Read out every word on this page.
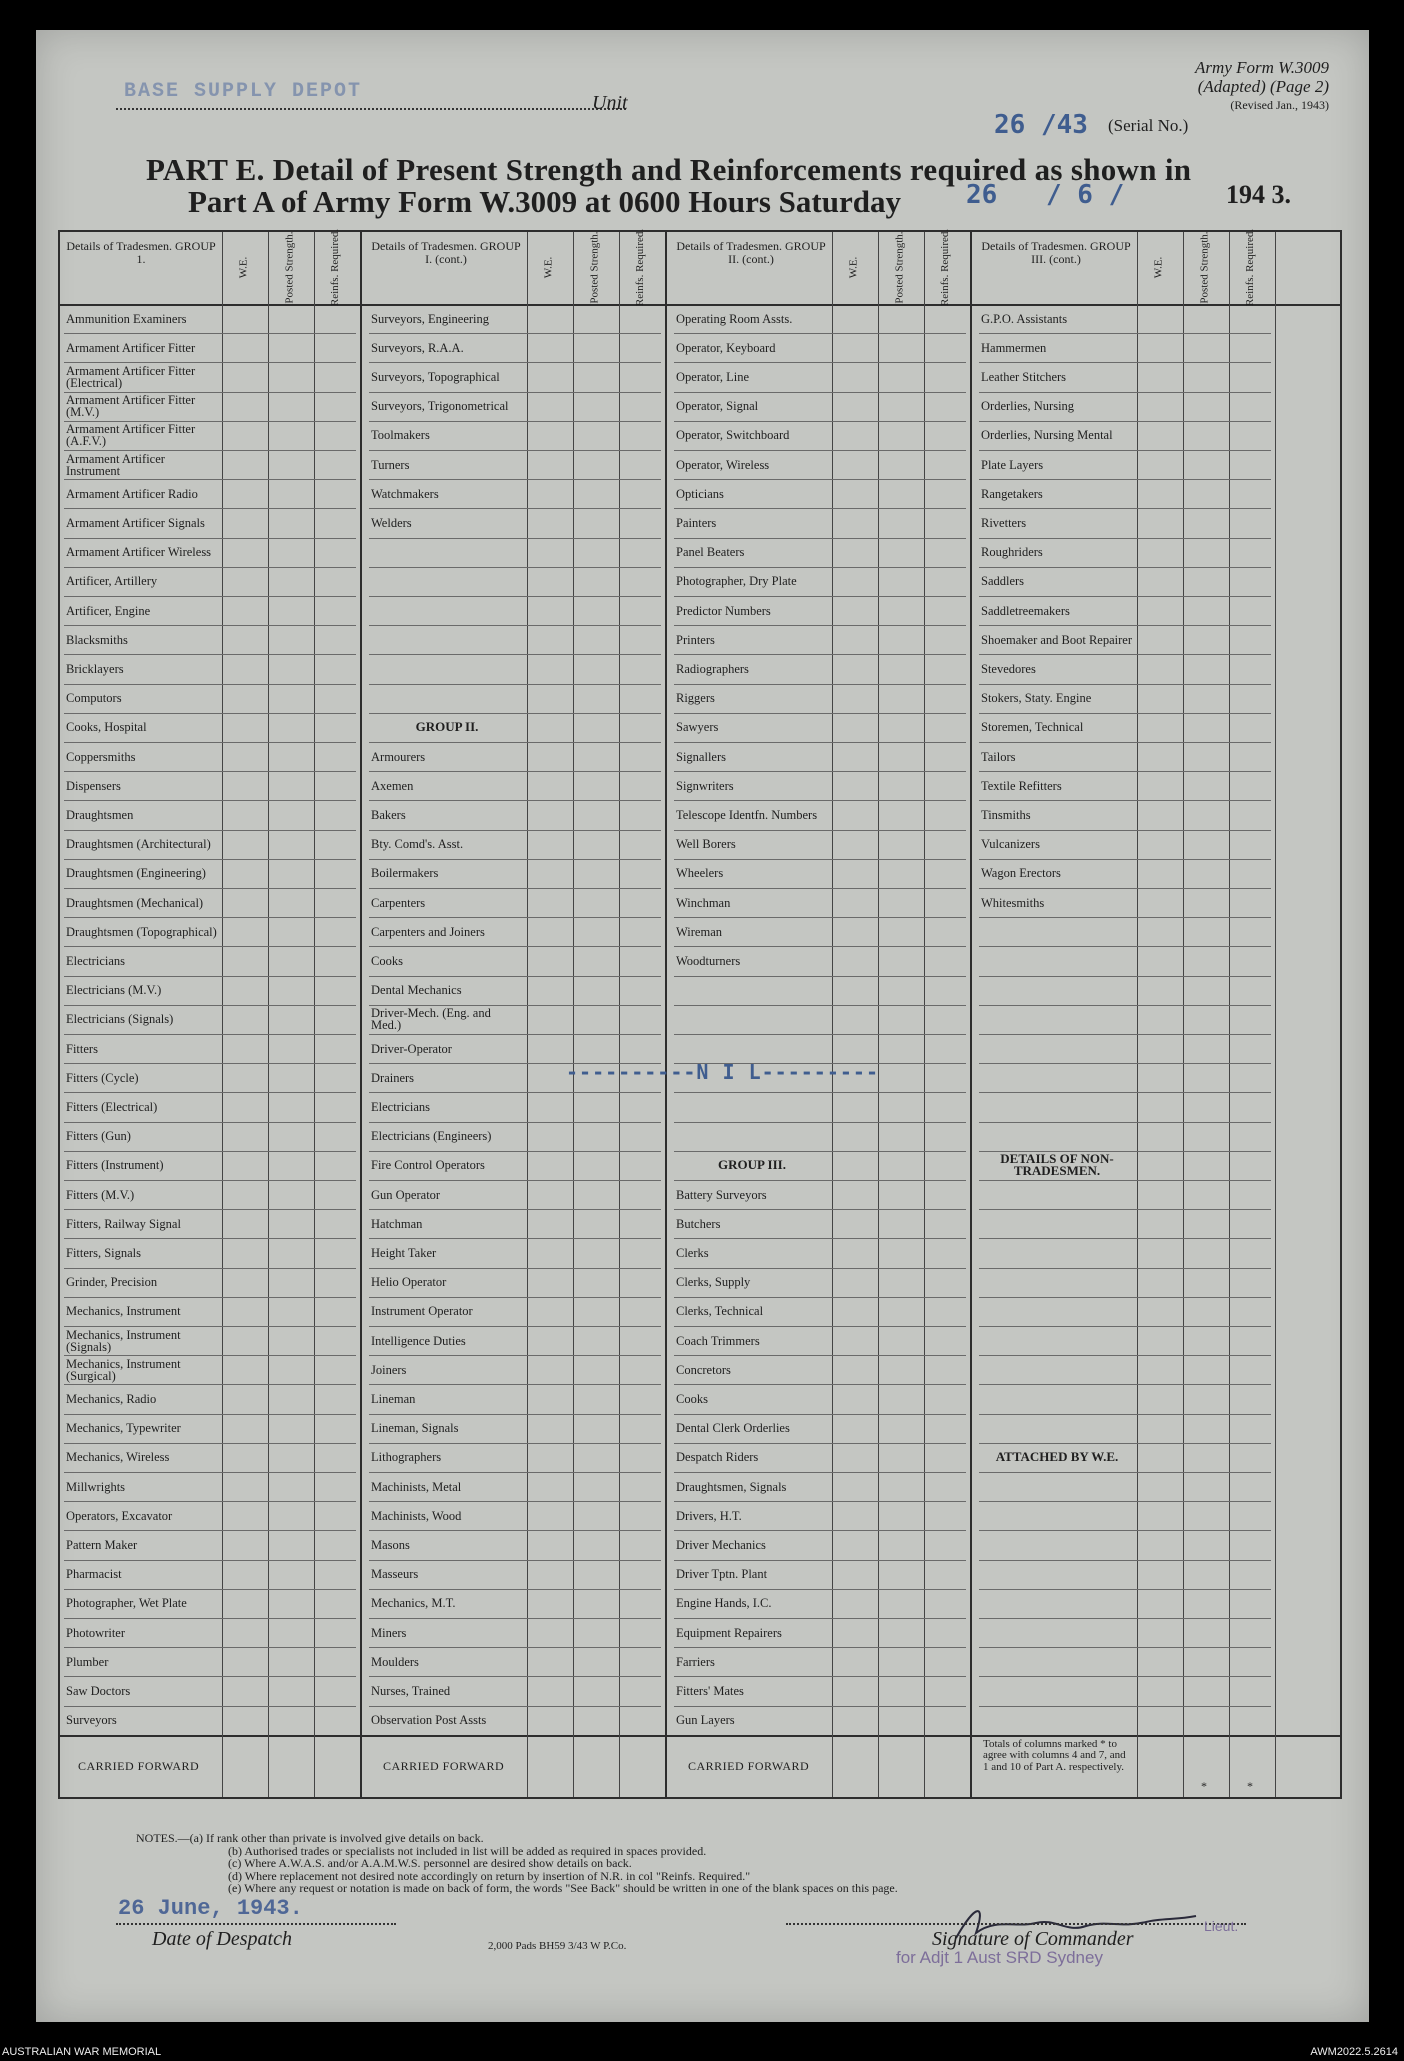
Army Form W.3009
(Adapted) (Page 2)
(Revised Jan., 1943)
BASE SUPPLY DEPOT	Unit
26 /43 (Serial No.)
PART E. Detail of Present Strength and Reinforcements required as shown in
Part A of Army Form W.3009 at 0600 Hours Saturday	26 / 6 /	194 3.
Details of Tradesmen. GROUP 1.	W.E.	Posted Strength.	Reinfs. Required.
Ammunition Examiners
Armament Artificer Fitter
Armament Artificer Fitter (Electrical)
Armament Artificer Fitter (M.V.)
Armament Artificer Fitter (A.F.V.)
Armament Artificer Instrument
Armament Artificer Radio
Armament Artificer Signals
Armament Artificer Wireless
Artificer, Artillery
Artificer, Engine
Blacksmiths
Bricklayers
Computors
Cooks, Hospital
Coppersmiths
Dispensers
Draughtsmen
Draughtsmen (Architectural)
Draughtsmen (Engineering)
Draughtsmen (Mechanical)
Draughtsmen (Topographical)
Electricians
Electricians (M.V.)
Electricians (Signals)
Fitters
Fitters (Cycle)
Fitters (Electrical)
Fitters (Gun)
Fitters (Instrument)
Fitters (M.V.)
Fitters, Railway Signal
Fitters, Signals
Grinder, Precision
Mechanics, Instrument
Mechanics, Instrument (Signals)
Mechanics, Instrument (Surgical)
Mechanics, Radio
Mechanics, Typewriter
Mechanics, Wireless
Millwrights
Operators, Excavator
Pattern Maker
Pharmacist
Photographer, Wet Plate
Photowriter
Plumber
Saw Doctors
Surveyors
CARRIED FORWARD
Details of Tradesmen. GROUP I. (cont.)	W.E.	Posted Strength.	Reinfs. Required.
Surveyors, Engineering
Surveyors, R.A.A.
Surveyors, Topographical
Surveyors, Trigonometrical
Toolmakers
Turners
Watchmakers
Welders
GROUP II.
Armourers
Axemen
Bakers
Bty. Comd's. Asst.
Boilermakers
Carpenters
Carpenters and Joiners
Cooks
Dental Mechanics
Driver-Mech. (Eng. and Med.)
Driver-Operator
Drainers
Electricians
Electricians (Engineers)
Fire Control Operators
Gun Operator
Hatchman
Height Taker
Helio Operator
Instrument Operator
Intelligence Duties
Joiners
Lineman
Lineman, Signals
Lithographers
Machinists, Metal
Machinists, Wood
Masons
Masseurs
Mechanics, M.T.
Miners
Moulders
Nurses, Trained
Observation Post Assts
CARRIED FORWARD
Details of Tradesmen. GROUP II. (cont.)	W.E.	Posted Strength.	Reinfs. Required.
Operating Room Assts.
Operator, Keyboard
Operator, Line
Operator, Signal
Operator, Switchboard
Operator, Wireless
Opticians
Painters
Panel Beaters
Photographer, Dry Plate
Predictor Numbers
Printers
Radiographers
Riggers
Sawyers
Signallers
Signwriters
Telescope Identfn. Numbers
Well Borers
Wheelers
Winchman
Wireman
Woodturners
GROUP III.
Battery Surveyors
Butchers
Clerks
Clerks, Supply
Clerks, Technical
Coach Trimmers
Concretors
Cooks
Dental Clerk Orderlies
Despatch Riders
Draughtsmen, Signals
Drivers, H.T.
Driver Mechanics
Driver Tptn. Plant
Engine Hands, I.C.
Equipment Repairers
Farriers
Fitters' Mates
Gun Layers
CARRIED FORWARD
Details of Tradesmen. GROUP III. (cont.)	W.E.	Posted Strength.	Reinfs. Required.
G.P.O. Assistants
Hammermen
Leather Stitchers
Orderlies, Nursing
Orderlies, Nursing Mental
Plate Layers
Rangetakers
Rivetters
Roughriders
Saddlers
Saddletreemakers
Shoemaker and Boot Repairer
Stevedores
Stokers, Staty. Engine
Storemen, Technical
Tailors
Textile Refitters
Tinsmiths
Vulcanizers
Wagon Erectors
Whitesmiths
DETAILS OF NON-TRADESMEN.
ATTACHED BY W.E.
Totals of columns marked * to agree with columns 4 and 7, and 1 and 10 of Part A. respectively.
*	*
----------N I L---------
NOTES.—(a) If rank other than private is involved give details on back.
(b) Authorised trades or specialists not included in list will be added as required in spaces provided.
(c) Where A.W.A.S. and/or A.A.M.W.S. personnel are desired show details on back.
(d) Where replacement not desired note accordingly on return by insertion of N.R. in col "Reinfs. Required."
(e) Where any request or notation is made on back of form, the words "See Back" should be written in one of the blank spaces on this page.
26 June, 1943.
Date of Despatch	2,000 Pads BH59 3/43 W P.Co.	Signature of Commander
for Adjt 1 Aust SRD Sydney
Lieut.
AUSTRALIAN WAR MEMORIAL	AWM2022.5.2614
